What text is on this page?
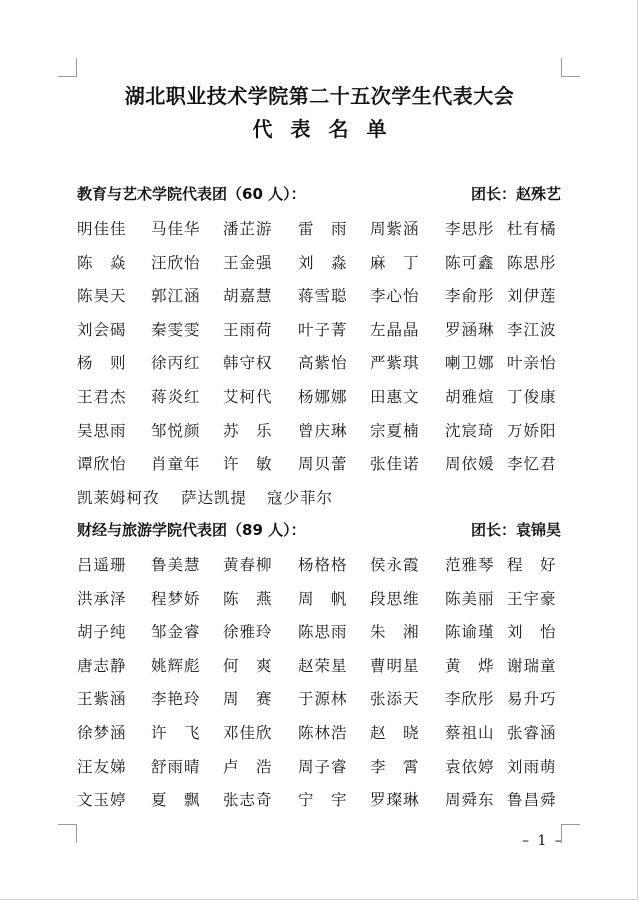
湖北职业技术学院第二十五次学生代表大会
代表名单
教育与艺术学院代表团（60 人）：	团长：赵殊艺
明佳佳 马佳华 潘芷游 雷　雨 周紫涵 李思彤 杜有橘
陈　焱 汪欣怡 王金强 刘　淼 麻　丁 陈可鑫 陈思彤
陈昊天 郭江涵 胡嘉慧 蒋雪聪 李心怡 李俞彤 刘伊莲
刘会碣 秦雯雯 王雨荷 叶子菁 左晶晶 罗涵琳 李江波
杨　则 徐丙红 韩守权 高紫怡 严紫琪 喇卫娜 叶亲怡
王君杰 蒋炎红 艾柯代 杨娜娜 田惠文 胡雅煊 丁俊康
吴思雨 邹悦颜 苏　乐 曾庆琳 宗夏楠 沈宸琦 万娇阳
谭欣怡 肖童年 许　敏 周贝蕾 张佳诺 周依媛 李忆君
凯莱姆柯孜 萨达凯提 寇少菲尔
财经与旅游学院代表团（89 人）：	团长：袁锦昊
吕遥珊 鲁美慧 黄春柳 杨格格 侯永霞 范雅琴 程　好
洪承泽 程梦娇 陈　燕 周　帆 段思维 陈美丽 王宇豪
胡子纯 邹金睿 徐雅玲 陈思雨 朱　湘 陈谕瑾 刘　怡
唐志静 姚辉彪 何　爽 赵荣星 曹明星 黄　烨 谢瑞童
王紫涵 李艳玲 周　赛 于源林 张添天 李欣彤 易升巧
徐梦涵 许　飞 邓佳欣 陈林浩 赵　晓 蔡祖山 张睿涵
汪友娣 舒雨晴 卢　浩 周子睿 李　霄 袁依婷 刘雨萌
文玉婷 夏　飘 张志奇 宁　宇 罗璨琳 周舜东 鲁昌舜
– 1 –
